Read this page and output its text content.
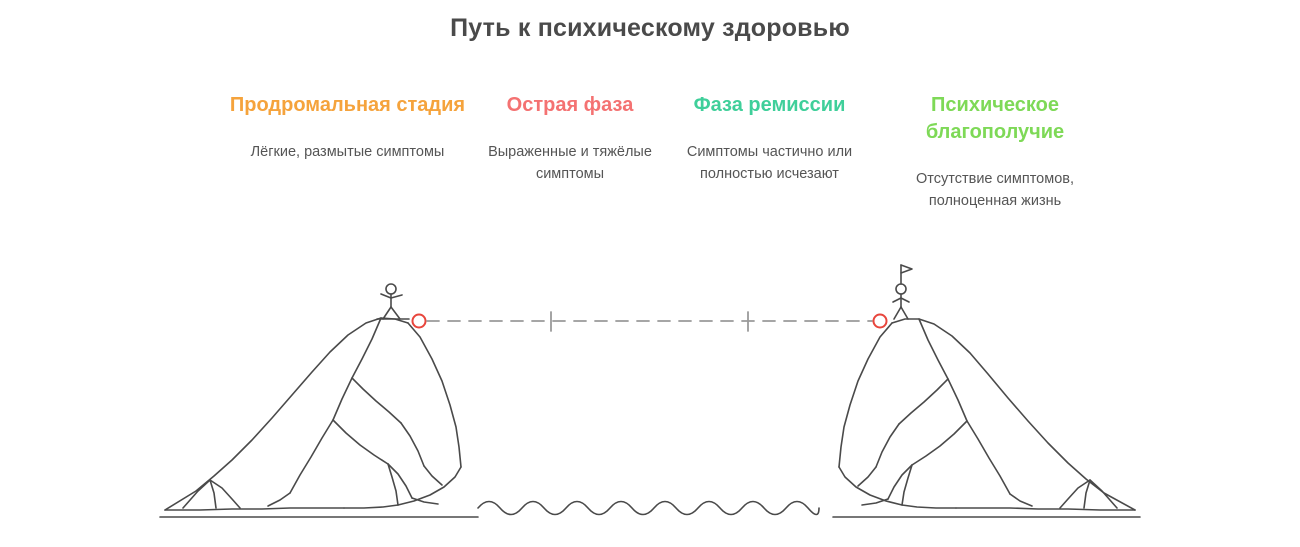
Путь к психическому здоровью
Продромальная стадия
Лёгкие, размытые симптомы
Острая фаза
Выраженные и тяжёлые симптомы
Фаза ремиссии
Симптомы частично или полностью исчезают
Психическое благополучие
Отсутствие симптомов, полноценная жизнь
